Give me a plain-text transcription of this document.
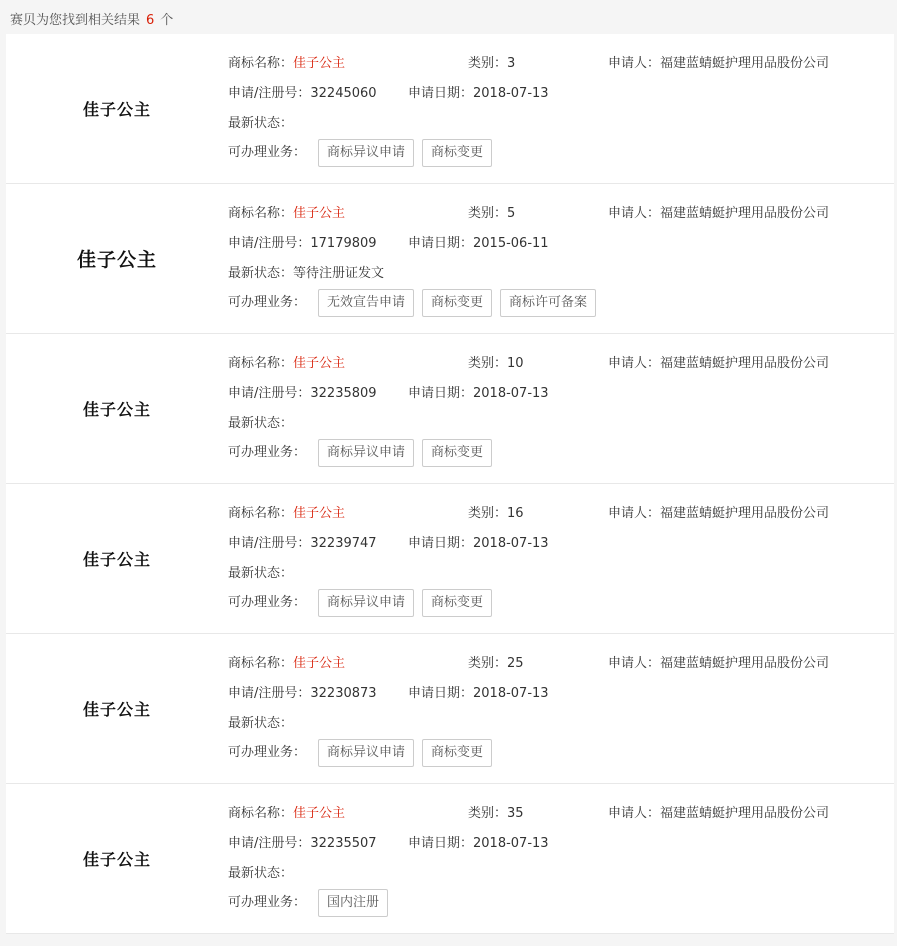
赛贝为您找到相关结果 6 个
佳子公主
商标名称：佳子公主	类别：3	申请人：福建蓝蜻蜓护理用品股份公司
申请/注册号：32245060 申请日期：2018-07-13
最新状态：
可办理业务： 商标异议申请 商标变更
佳子公主
商标名称：佳子公主	类别：5	申请人：福建蓝蜻蜓护理用品股份公司
申请/注册号：17179809 申请日期：2015-06-11
最新状态：等待注册证发文
可办理业务： 无效宣告申请 商标变更 商标许可备案
佳子公主
商标名称：佳子公主	类别：10	申请人：福建蓝蜻蜓护理用品股份公司
申请/注册号：32235809 申请日期：2018-07-13
最新状态：
可办理业务： 商标异议申请 商标变更
佳子公主
商标名称：佳子公主	类别：16	申请人：福建蓝蜻蜓护理用品股份公司
申请/注册号：32239747 申请日期：2018-07-13
最新状态：
可办理业务： 商标异议申请 商标变更
佳子公主
商标名称：佳子公主	类别：25	申请人：福建蓝蜻蜓护理用品股份公司
申请/注册号：32230873 申请日期：2018-07-13
最新状态：
可办理业务： 商标异议申请 商标变更
佳子公主
商标名称：佳子公主	类别：35	申请人：福建蓝蜻蜓护理用品股份公司
申请/注册号：32235507 申请日期：2018-07-13
最新状态：
可办理业务： 国内注册
